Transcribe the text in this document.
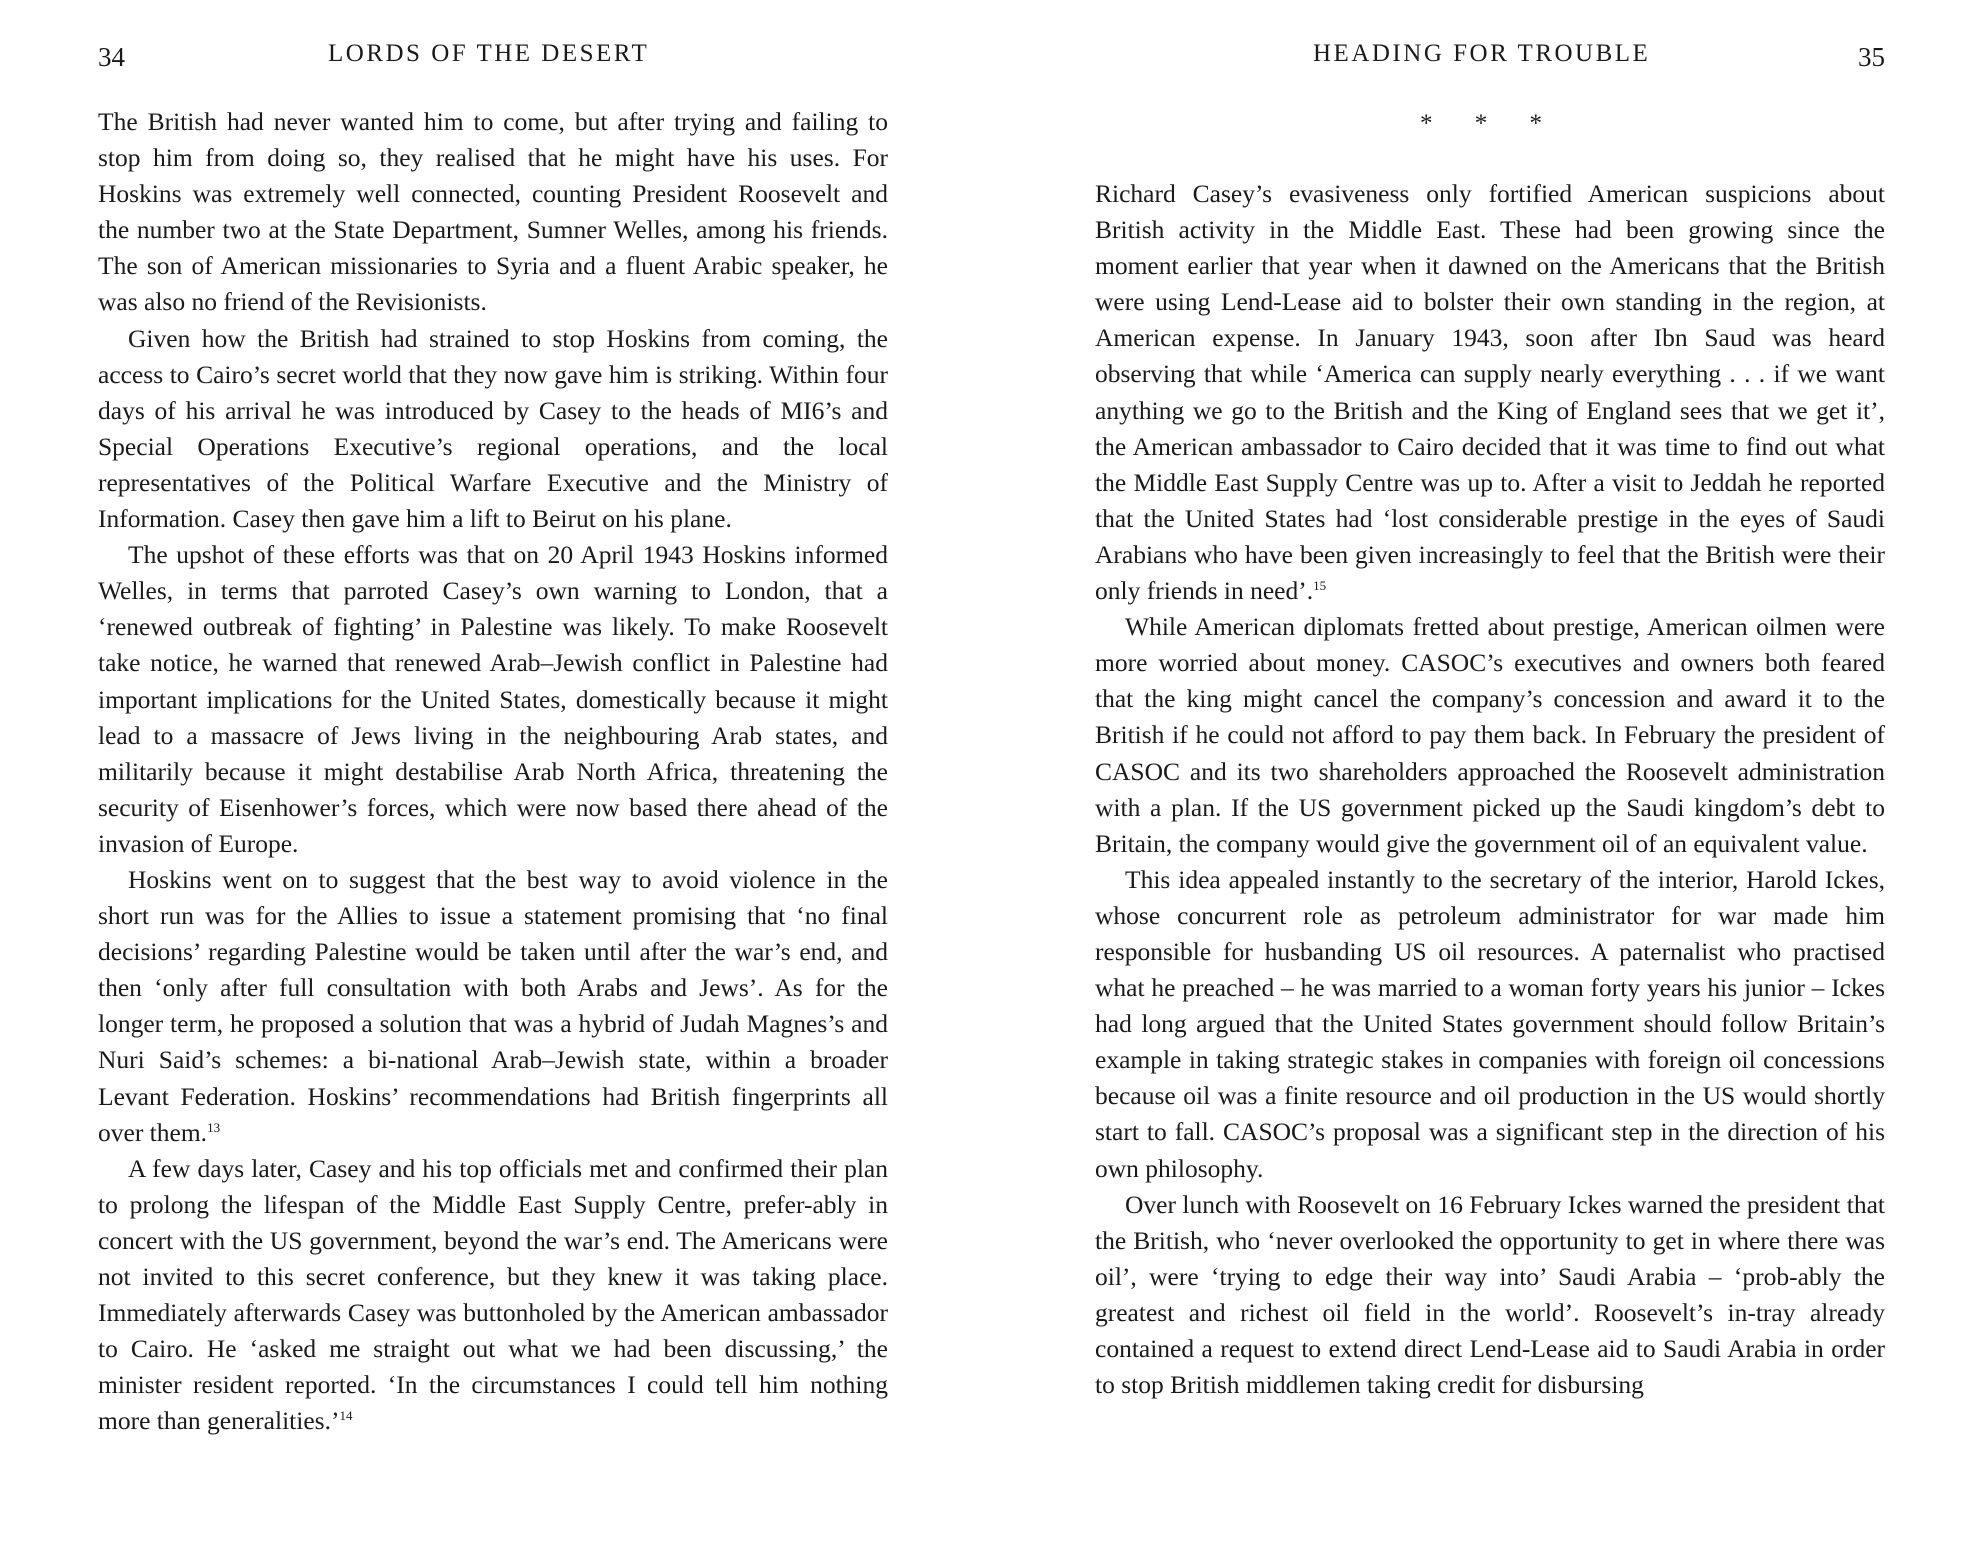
34	LORDS OF THE DESERT

The British had never wanted him to come, but after trying and failing to stop him from doing so, they realised that he might have his uses. For Hoskins was extremely well connected, counting President Roosevelt and the number two at the State Department, Sumner Welles, among his friends. The son of American missionaries to Syria and a fluent Arabic speaker, he was also no friend of the Revisionists.

Given how the British had strained to stop Hoskins from coming, the access to Cairo’s secret world that they now gave him is striking. Within four days of his arrival he was introduced by Casey to the heads of MI6’s and Special Operations Executive’s regional operations, and the local representatives of the Political Warfare Executive and the Ministry of Information. Casey then gave him a lift to Beirut on his plane.

The upshot of these efforts was that on 20 April 1943 Hoskins informed Welles, in terms that parroted Casey’s own warning to London, that a ‘renewed outbreak of fighting’ in Palestine was likely. To make Roosevelt take notice, he warned that renewed Arab–Jewish conflict in Palestine had important implications for the United States, domestically because it might lead to a massacre of Jews living in the neighbouring Arab states, and militarily because it might destabilise Arab North Africa, threatening the security of Eisenhower’s forces, which were now based there ahead of the invasion of Europe.

Hoskins went on to suggest that the best way to avoid violence in the short run was for the Allies to issue a statement promising that ‘no final decisions’ regarding Palestine would be taken until after the war’s end, and then ‘only after full consultation with both Arabs and Jews’. As for the longer term, he proposed a solution that was a hybrid of Judah Magnes’s and Nuri Said’s schemes: a bi-national Arab–Jewish state, within a broader Levant Federation. Hoskins’ recommendations had British fingerprints all over them.$^{13}$

A few days later, Casey and his top officials met and confirmed their plan to prolong the lifespan of the Middle East Supply Centre, prefer-ably in concert with the US government, beyond the war’s end. The Americans were not invited to this secret conference, but they knew it was taking place. Immediately afterwards Casey was buttonholed by the American ambassador to Cairo. He ‘asked me straight out what we had been discussing,’ the minister resident reported. ‘In the circumstances I could tell him nothing more than generalities.’$^{14}$

HEADING FOR TROUBLE	35
* * *

Richard Casey’s evasiveness only fortified American suspicions about British activity in the Middle East. These had been growing since the moment earlier that year when it dawned on the Americans that the British were using Lend-Lease aid to bolster their own standing in the region, at American expense. In January 1943, soon after Ibn Saud was heard observing that while ‘America can supply nearly everything . . . if we want anything we go to the British and the King of England sees that we get it’, the American ambassador to Cairo decided that it was time to find out what the Middle East Supply Centre was up to. After a visit to Jeddah he reported that the United States had ‘lost considerable prestige in the eyes of Saudi Arabians who have been given increasingly to feel that the British were their only friends in need’.$^{15}$

While American diplomats fretted about prestige, American oilmen were more worried about money. CASOC’s executives and owners both feared that the king might cancel the company’s concession and award it to the British if he could not afford to pay them back. In February the president of CASOC and its two shareholders approached the Roosevelt administration with a plan. If the US government picked up the Saudi kingdom’s debt to Britain, the company would give the government oil of an equivalent value.

This idea appealed instantly to the secretary of the interior, Harold Ickes, whose concurrent role as petroleum administrator for war made him responsible for husbanding US oil resources. A paternalist who practised what he preached – he was married to a woman forty years his junior – Ickes had long argued that the United States government should follow Britain’s example in taking strategic stakes in companies with foreign oil concessions because oil was a finite resource and oil production in the US would shortly start to fall. CASOC’s proposal was a significant step in the direction of his own philosophy.

Over lunch with Roosevelt on 16 February Ickes warned the president that the British, who ‘never overlooked the opportunity to get in where there was oil’, were ‘trying to edge their way into’ Saudi Arabia – ‘prob-ably the greatest and richest oil field in the world’. Roosevelt’s in-tray already contained a request to extend direct Lend-Lease aid to Saudi Arabia in order to stop British middlemen taking credit for disbursing
